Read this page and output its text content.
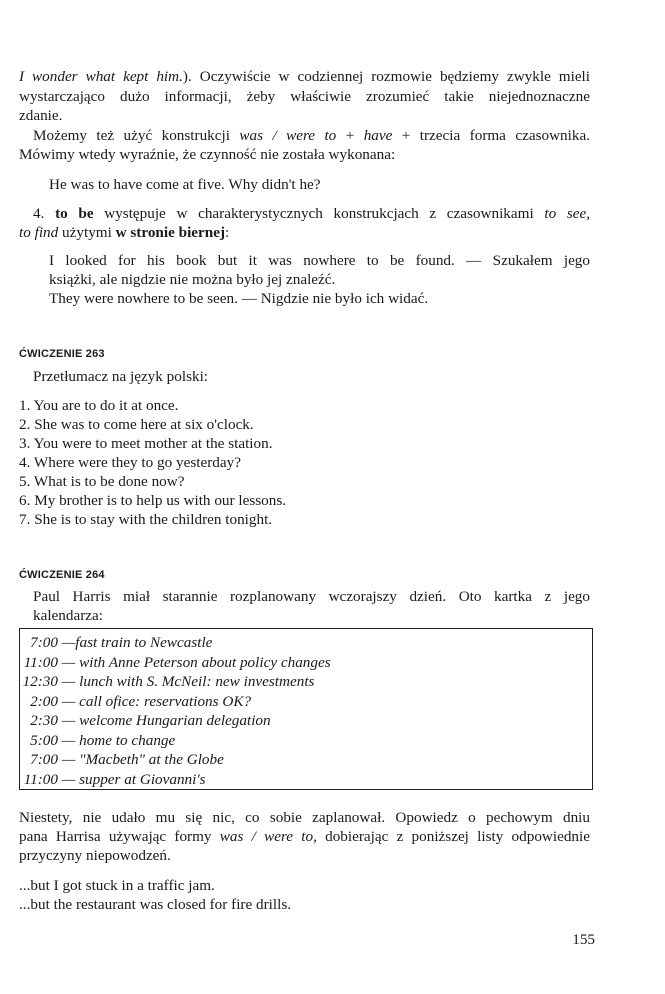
I wonder what kept him.). Oczywiście w codziennej rozmowie będziemy zwykle mieli
wystarczająco dużo informacji, żeby właściwie zrozumieć takie niejednoznaczne
zdanie.
Możemy też użyć konstrukcji was / were to + have + trzecia forma czasownika.
Mówimy wtedy wyraźnie, że czynność nie została wykonana:
He was to have come at five. Why didn't he?
4. to be występuje w charakterystycznych konstrukcjach z czasownikami to see,
to find użytymi w stronie biernej:
I looked for his book but it was nowhere to be found. — Szukałem jego
książki, ale nigdzie nie można było jej znaleźć.
They were nowhere to be seen. — Nigdzie nie było ich widać.
ĆWICZENIE 263
Przetłumacz na język polski:
1. You are to do it at once.
2. She was to come here at six o'clock.
3. You were to meet mother at the station.
4. Where were they to go yesterday?
5. What is to be done now?
6. My brother is to help us with our lessons.
7. She is to stay with the children tonight.
ĆWICZENIE 264
Paul Harris miał starannie rozplanowany wczorajszy dzień. Oto kartka z jego
kalendarza:
7:00 —fast train to Newcastle
11:00 — with Anne Peterson about policy changes
12:30 — lunch with S. McNeil: new investments
2:00 — call ofice: reservations OK?
2:30 — welcome Hungarian delegation
5:00 — home to change
7:00 — "Macbeth" at the Globe
11:00 — supper at Giovanni's
Niestety, nie udało mu się nic, co sobie zaplanował. Opowiedz o pechowym dniu
pana Harrisa używając formy was / were to, dobierając z poniższej listy odpowiednie
przyczyny niepowodzeń.
...but I got stuck in a traffic jam.
...but the restaurant was closed for fire drills.
155
